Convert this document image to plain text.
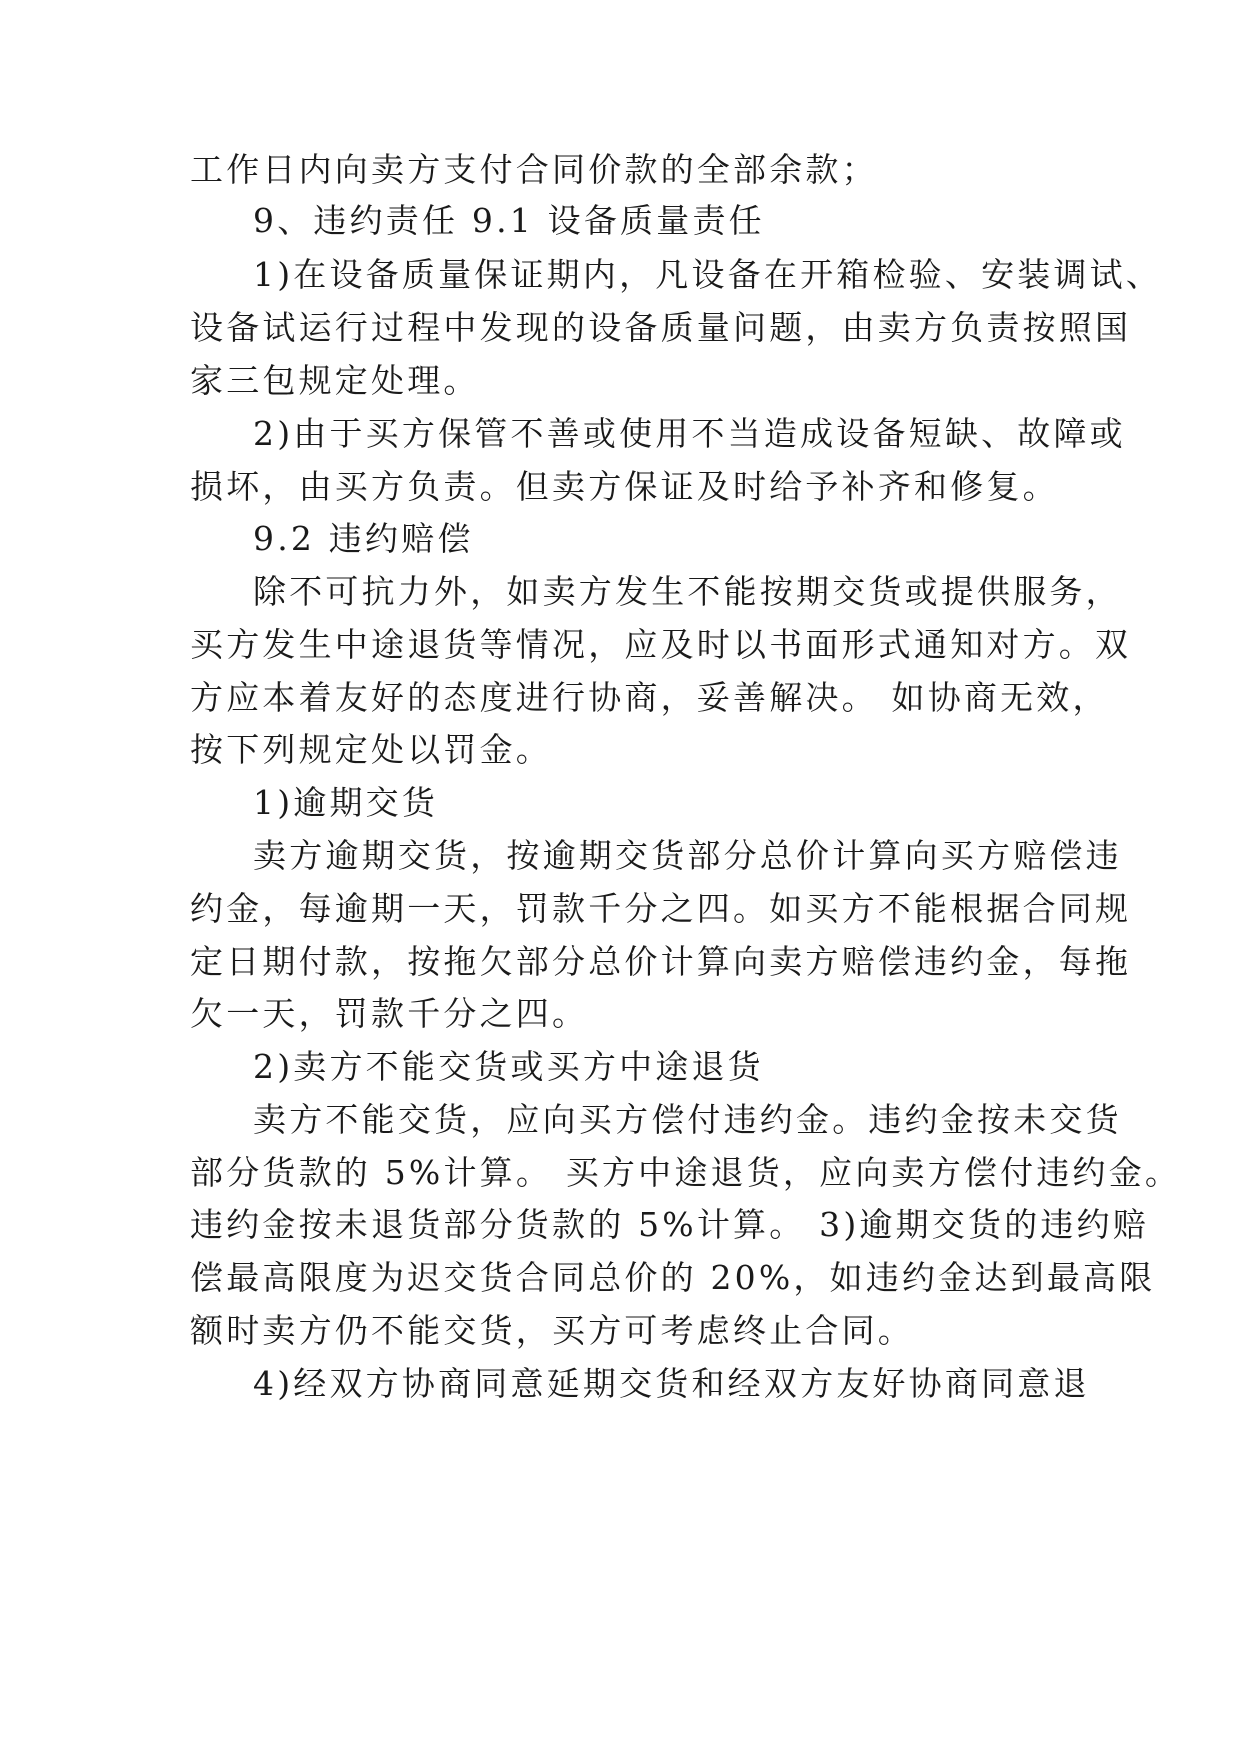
工作日内向卖方支付合同价款的全部余款；
9、违约责任 9.1 设备质量责任
1)在设备质量保证期内，凡设备在开箱检验、安装调试、
设备试运行过程中发现的设备质量问题，由卖方负责按照国
家三包规定处理。
2)由于买方保管不善或使用不当造成设备短缺、故障或
损坏，由买方负责。但卖方保证及时给予补齐和修复。
9.2 违约赔偿
除不可抗力外，如卖方发生不能按期交货或提供服务，
买方发生中途退货等情况，应及时以书面形式通知对方。双
方应本着友好的态度进行协商，妥善解决。 如协商无效，
按下列规定处以罚金。
1)逾期交货
卖方逾期交货，按逾期交货部分总价计算向买方赔偿违
约金，每逾期一天，罚款千分之四。如买方不能根据合同规
定日期付款，按拖欠部分总价计算向卖方赔偿违约金，每拖
欠一天，罚款千分之四。
2)卖方不能交货或买方中途退货
卖方不能交货，应向买方偿付违约金。违约金按未交货
部分货款的 5%计算。 买方中途退货，应向卖方偿付违约金。
违约金按未退货部分货款的 5%计算。 3)逾期交货的违约赔
偿最高限度为迟交货合同总价的 20%，如违约金达到最高限
额时卖方仍不能交货，买方可考虑终止合同。
4)经双方协商同意延期交货和经双方友好协商同意退
